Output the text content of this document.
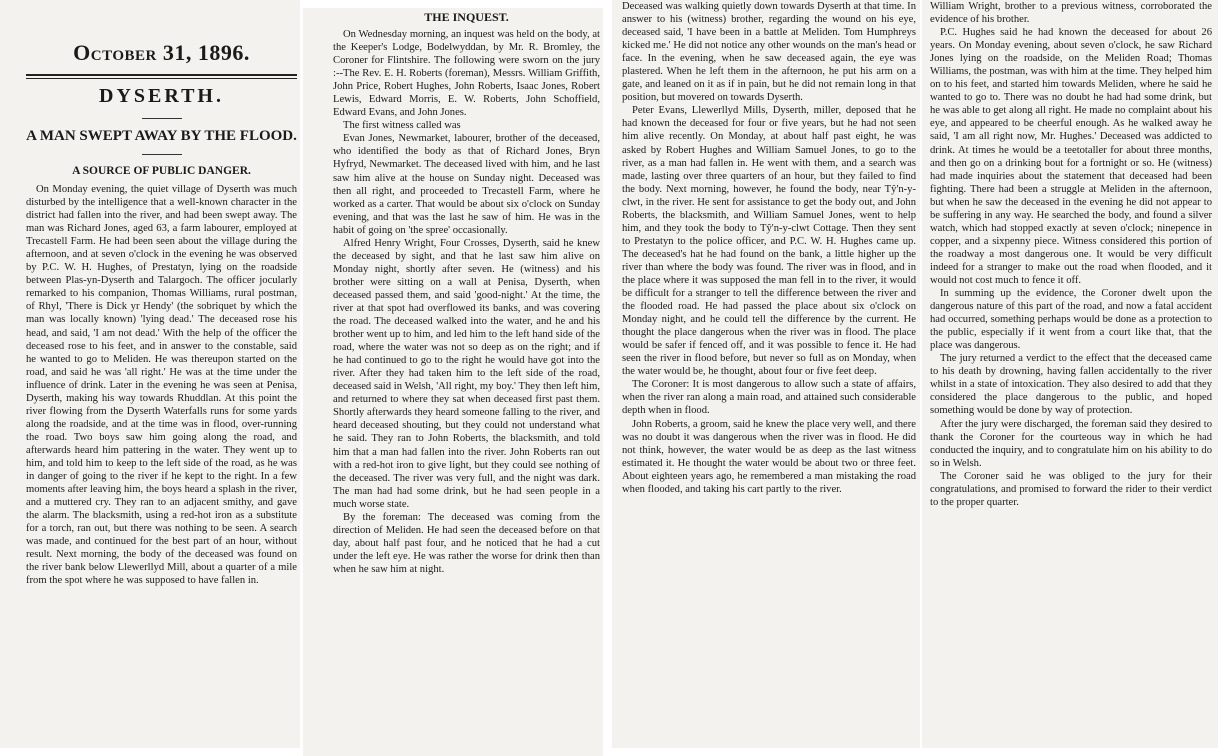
October 31, 1896.
DYSERTH.
A MAN SWEPT AWAY BY THE FLOOD.
A SOURCE OF PUBLIC DANGER.

On Monday evening, the quiet village of Dyserth was much disturbed by the intelligence that a well-known character in the district had fallen into the river, and had been swept away. The man was Richard Jones, aged 63, a farm labourer, employed at Trecastell Farm. He had been seen about the village during the afternoon, and at seven o'clock in the evening he was observed by P.C. W. H. Hughes, of Prestatyn, lying on the roadside between Plas-yn-Dyserth and Talargoch. The officer jocularly remarked to his companion, Thomas Williams, rural postman, of Rhyl, 'There is Dick yr Hendy' (the sobriquet by which the man was locally known) 'lying dead.' The deceased rose his head, and said, 'I am not dead.' With the help of the officer the deceased rose to his feet, and in answer to the constable, said he wanted to go to Meliden. He was thereupon started on the road, and said he was 'all right.' He was at the time under the influence of drink. Later in the evening he was seen at Penisa, Dyserth, making his way towards Rhuddlan. At this point the river flowing from the Dyserth Waterfalls runs for some yards along the roadside, and at the time was in flood, over-running the road. Two boys saw him going along the road, and afterwards heard him pattering in the water. They went up to him, and told him to keep to the left side of the road, as he was in danger of going to the river if he kept to the right. In a few moments after leaving him, the boys heard a splash in the river, and a muttered cry. They ran to an adjacent smithy, and gave the alarm. The blacksmith, using a red-hot iron as a substitute for a torch, ran out, but there was nothing to be seen. A search was made, and continued for the best part of an hour, without result. Next morning, the body of the deceased was found on the river bank below Llewerllyd Mill, about a quarter of a mile from the spot where he was supposed to have fallen in.

THE INQUEST.

On Wednesday morning, an inquest was held on the body, at the Keeper's Lodge, Bodelwyddan, by Mr. R. Bromley, the Coroner for Flintshire. The following were sworn on the jury :--The Rev. E. H. Roberts (foreman), Messrs. William Griffith, John Price, Robert Hughes, John Roberts, Isaac Jones, Robert Lewis, Edward Morris, E. W. Roberts, John Schoffield, Edward Evans, and John Jones.

The first witness called was

Evan Jones, Newmarket, labourer, brother of the deceased, who identified the body as that of Richard Jones, Bryn Hyfryd, Newmarket. The deceased lived with him, and he last saw him alive at the house on Sunday night. Deceased was then all right, and proceeded to Trecastell Farm, where he worked as a carter. That would be about six o'clock on Sunday evening, and that was the last he saw of him. He was in the habit of going on 'the spree' occasionally.

Alfred Henry Wright, Four Crosses, Dyserth, said he knew the deceased by sight, and that he last saw him alive on Monday night, shortly after seven. He (witness) and his brother were sitting on a wall at Penisa, Dyserth, when deceased passed them, and said 'good-night.' At the time, the river at that spot had overflowed its banks, and was covering the road. The deceased walked into the water, and he and his brother went up to him, and led him to the left hand side of the road, where the water was not so deep as on the right; and if he had continued to go to the right he would have got into the river. After they had taken him to the left side of the road, deceased said in Welsh, 'All right, my boy.' They then left him, and returned to where they sat when deceased first past them. Shortly afterwards they heard someone falling to the river, and heard deceased shouting, but they could not understand what he said. They ran to John Roberts, the blacksmith, and told him that a man had fallen into the river. John Roberts ran out with a red-hot iron to give light, but they could see nothing of the deceased. The river was very full, and the night was dark. The man had had some drink, but he had seen people in a much worse state.

By the foreman: The deceased was coming from the direction of Meliden. He had seen the deceased before on that day, about half past four, and he noticed that he had a cut under the left eye. He was rather the worse for drink then than when he saw him at night.

Deceased was walking quietly down towards Dyserth at that time. In answer to his (witness) brother, regarding the wound on his eye, deceased said, 'I have been in a battle at Meliden. Tom Humphreys kicked me.' He did not notice any other wounds on the man's head or face. In the evening, when he saw deceased again, the eye was plastered. When he left them in the afternoon, he put his arm on a gate, and leaned on it as if in pain, but he did not remain long in that position, but movered on towards Dyserth.

Peter Evans, Llewerllyd Mills, Dyserth, miller, deposed that he had known the deceased for four or five years, but he had not seen him alive recently. On Monday, at about half past eight, he was asked by Robert Hughes and William Samuel Jones, to go to the river, as a man had fallen in. He went with them, and a search was made, lasting over three quarters of an hour, but they failed to find the body. Next morning, however, he found the body, near Tŷ'n-y-clwt, in the river. He sent for assistance to get the body out, and John Roberts, the blacksmith, and William Samuel Jones, went to help him, and they took the body to Tŷ'n-y-clwt Cottage. Then they sent to Prestatyn to the police officer, and P.C. W. H. Hughes came up. The deceased's hat he had found on the bank, a little higher up the river than where the body was found. The river was in flood, and in the place where it was supposed the man fell in to the river, it would be difficult for a stranger to tell the difference between the river and the flooded road. He had passed the place about six o'clock on Monday night, and he could tell the difference by the current. He thought the place dangerous when the river was in flood. The place would be safer if fenced off, and it was possible to fence it. He had seen the river in flood before, but never so full as on Monday, when the water would be, he thought, about four or five feet deep.

The Coroner: It is most dangerous to allow such a state of affairs, when the river ran along a main road, and attained such considerable depth when in flood.

John Roberts, a groom, said he knew the place very well, and there was no doubt it was dangerous when the river was in flood. He did not think, however, the water would be as deep as the last witness estimated it. He thought the water would be about two or three feet. About eighteen years ago, he remembered a man mistaking the road when flooded, and taking his cart partly to the river.

William Wright, brother to a previous witness, corroborated the evidence of his brother.

P.C. Hughes said he had known the deceased for about 26 years. On Monday evening, about seven o'clock, he saw Richard Jones lying on the roadside, on the Meliden Road; Thomas Williams, the postman, was with him at the time. They helped him on to his feet, and started him towards Meliden, where he said he wanted to go to. There was no doubt he had had some drink, but he was able to get along all right. He made no complaint about his eye, and appeared to be cheerful enough. As he walked away he said, 'I am all right now, Mr. Hughes.' Deceased was addicted to drink. At times he would be a teetotaller for about three months, and then go on a drinking bout for a fortnight or so. He (witness) had made inquiries about the statement that deceased had been fighting. There had been a struggle at Meliden in the afternoon, but when he saw the deceased in the evening he did not appear to be suffering in any way. He searched the body, and found a silver watch, which had stopped exactly at seven o'clock; ninepence in copper, and a sixpenny piece. Witness considered this portion of the roadway a most dangerous one. It would be very difficult indeed for a stranger to make out the road when flooded, and it would not cost much to fence it off.

In summing up the evidence, the Coroner dwelt upon the dangerous nature of this part of the road, and now a fatal accident had occurred, something perhaps would be done as a protection to the public, especially if it went from a court like that, that the place was dangerous.

The jury returned a verdict to the effect that the deceased came to his death by drowning, having fallen accidentally to the river whilst in a state of intoxication. They also desired to add that they considered the place dangerous to the public, and hoped something would be done by way of protection.

After the jury were discharged, the foreman said they desired to thank the Coroner for the courteous way in which he had conducted the inquiry, and to congratulate him on his ability to do so in Welsh.

The Coroner said he was obliged to the jury for their congratulations, and promised to forward the rider to their verdict to the proper quarter.
